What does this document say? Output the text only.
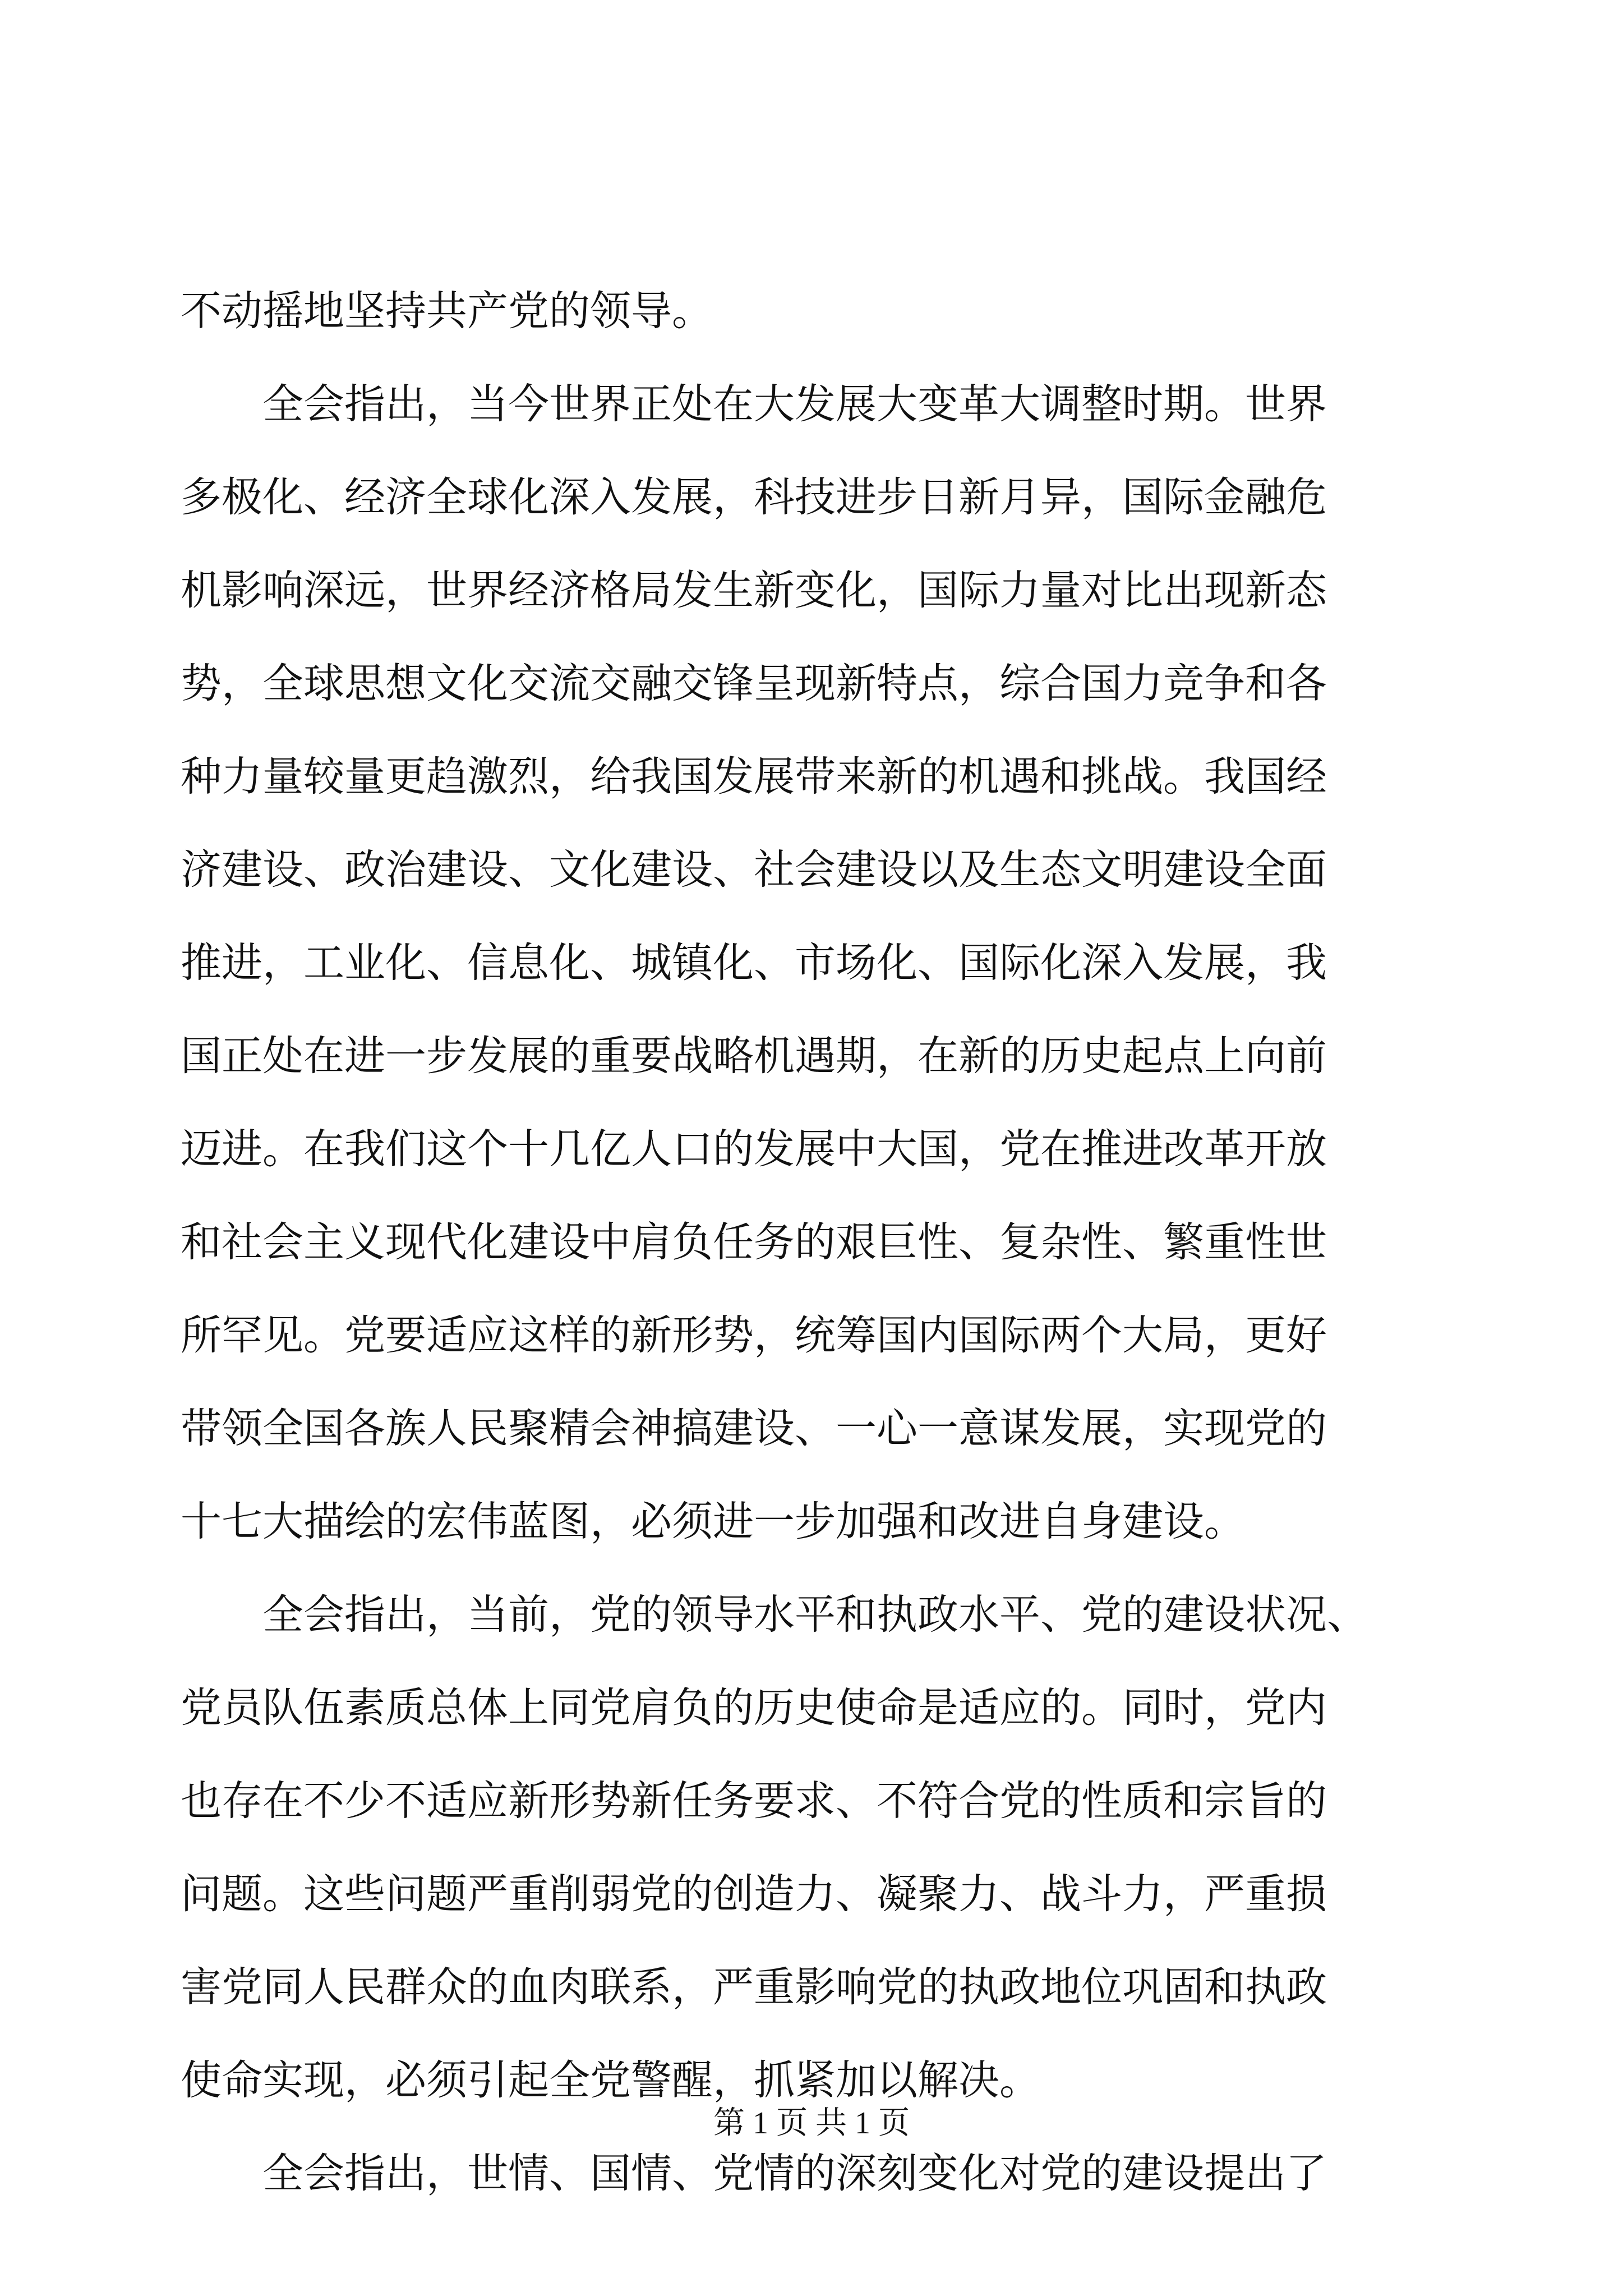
不动摇地坚持共产党的领导。
　　全会指出，当今世界正处在大发展大变革大调整时期。世界
多极化、经济全球化深入发展，科技进步日新月异，国际金融危
机影响深远，世界经济格局发生新变化，国际力量对比出现新态
势，全球思想文化交流交融交锋呈现新特点，综合国力竞争和各
种力量较量更趋激烈，给我国发展带来新的机遇和挑战。我国经
济建设、政治建设、文化建设、社会建设以及生态文明建设全面
推进，工业化、信息化、城镇化、市场化、国际化深入发展，我
国正处在进一步发展的重要战略机遇期，在新的历史起点上向前
迈进。在我们这个十几亿人口的发展中大国，党在推进改革开放
和社会主义现代化建设中肩负任务的艰巨性、复杂性、繁重性世
所罕见。党要适应这样的新形势，统筹国内国际两个大局，更好
带领全国各族人民聚精会神搞建设、一心一意谋发展，实现党的
十七大描绘的宏伟蓝图，必须进一步加强和改进自身建设。
　　全会指出，当前，党的领导水平和执政水平、党的建设状况、
党员队伍素质总体上同党肩负的历史使命是适应的。同时，党内
也存在不少不适应新形势新任务要求、不符合党的性质和宗旨的
问题。这些问题严重削弱党的创造力、凝聚力、战斗力，严重损
害党同人民群众的血肉联系，严重影响党的执政地位巩固和执政
使命实现，必须引起全党警醒，抓紧加以解决。
　　全会指出，世情、国情、党情的深刻变化对党的建设提出了
第 1 页 共 1 页
